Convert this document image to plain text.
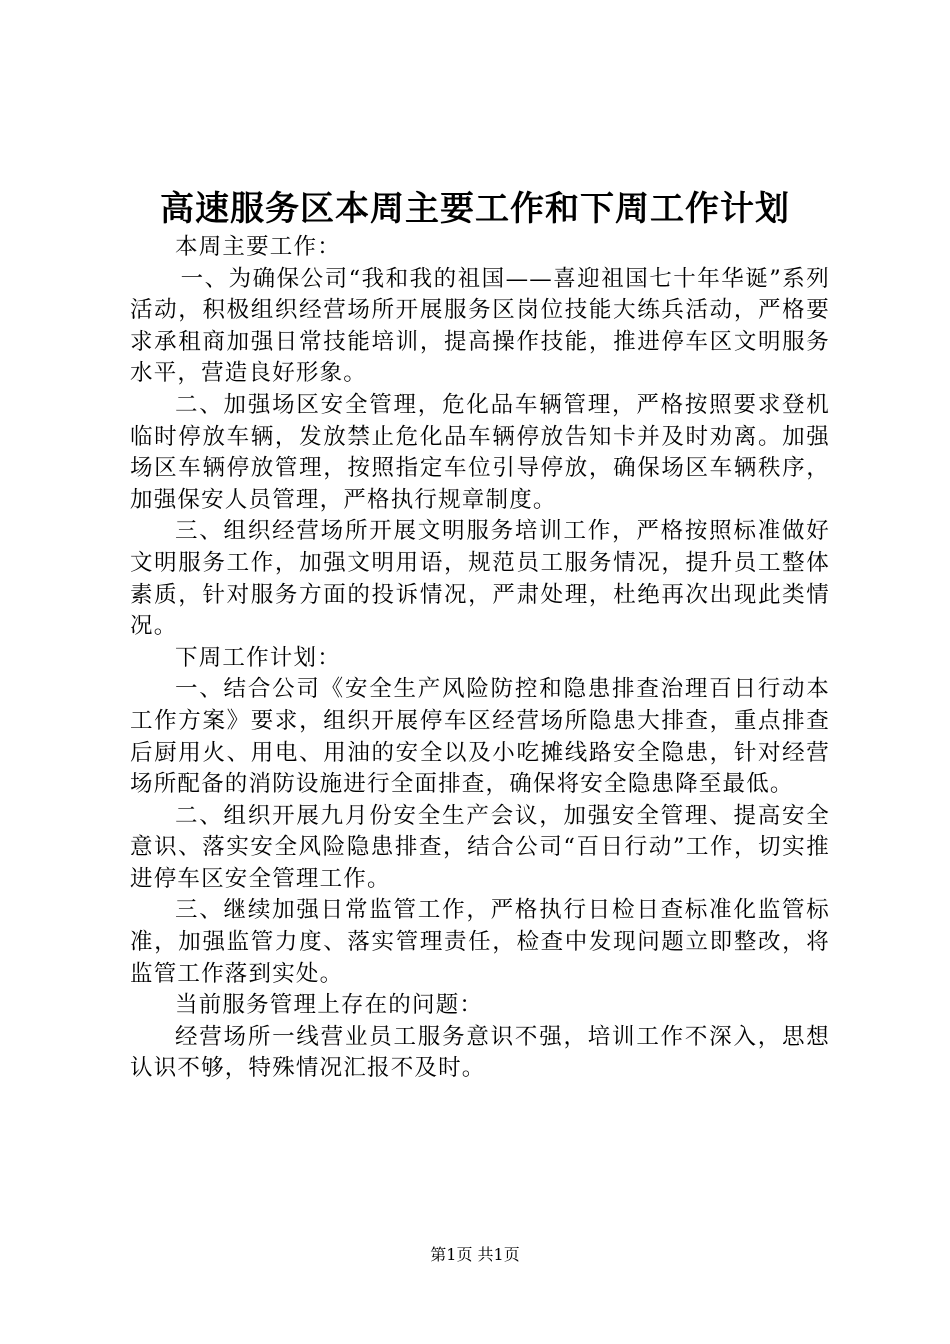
高速服务区本周主要工作和下周工作计划

本周主要工作：

一、为确保公司“我和我的祖国——喜迎祖国七十年华诞”系列活动，积极组织经营场所开展服务区岗位技能大练兵活动，严格要求承租商加强日常技能培训，提高操作技能，推进停车区文明服务水平，营造良好形象。

二、加强场区安全管理，危化品车辆管理，严格按照要求登机临时停放车辆，发放禁止危化品车辆停放告知卡并及时劝离。加强场区车辆停放管理，按照指定车位引导停放，确保场区车辆秩序，加强保安人员管理，严格执行规章制度。

三、组织经营场所开展文明服务培训工作，严格按照标准做好文明服务工作，加强文明用语，规范员工服务情况，提升员工整体素质，针对服务方面的投诉情况，严肃处理，杜绝再次出现此类情况。

下周工作计划：

一、结合公司《安全生产风险防控和隐患排查治理百日行动本工作方案》要求，组织开展停车区经营场所隐患大排查，重点排查后厨用火、用电、用油的安全以及小吃摊线路安全隐患，针对经营场所配备的消防设施进行全面排查，确保将安全隐患降至最低。

二、组织开展九月份安全生产会议，加强安全管理、提高安全意识、落实安全风险隐患排查，结合公司“百日行动”工作，切实推进停车区安全管理工作。

三、继续加强日常监管工作，严格执行日检日查标准化监管标准，加强监管力度、落实管理责任，检查中发现问题立即整改，将监管工作落到实处。

当前服务管理上存在的问题：

经营场所一线营业员工服务意识不强，培训工作不深入，思想认识不够，特殊情况汇报不及时。

第1页 共1页
